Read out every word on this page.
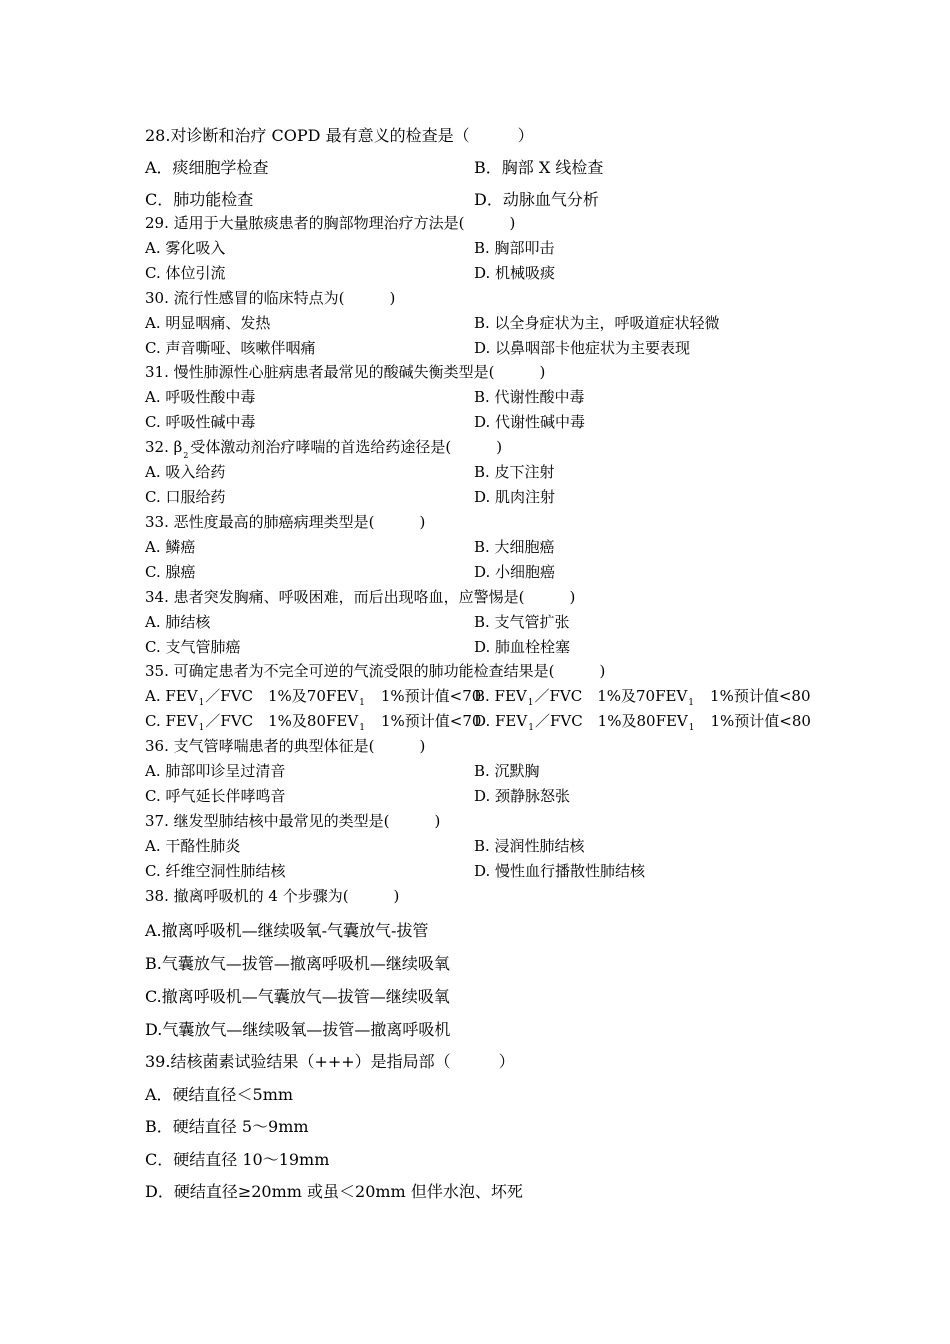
28.对诊断和治疗 COPD 最有意义的检查是（　　　）
A．痰细胞学检查	B．胸部 X 线检查
C．肺功能检查	D．动脉血气分析
29. 适用于大量脓痰患者的胸部物理治疗方法是(　　　)
A. 雾化吸入	B. 胸部叩击
C. 体位引流	D. 机械吸痰
30. 流行性感冒的临床特点为(　　　)
A. 明显咽痛、发热	B. 以全身症状为主，呼吸道症状轻微
C. 声音嘶哑、咳嗽伴咽痛	D. 以鼻咽部卡他症状为主要表现
31. 慢性肺源性心脏病患者最常见的酸碱失衡类型是(　　　)
A. 呼吸性酸中毒	B. 代谢性酸中毒
C. 呼吸性碱中毒	D. 代谢性碱中毒
32. $\beta_2$ 受体激动剂治疗哮喘的首选给药途径是(　　　)
A. 吸入给药	B. 皮下注射
C. 口服给药	D. 肌肉注射
33. 恶性度最高的肺癌病理类型是(　　　)
A. 鳞癌	B. 大细胞癌
C. 腺癌	D. 小细胞癌
34. 患者突发胸痛、呼吸困难，而后出现咯血，应警惕是(　　　)
A. 肺结核	B. 支气管扩张
C. 支气管肺癌	D. 肺血栓栓塞
35. 可确定患者为不完全可逆的气流受限的肺功能检查结果是(　　　)
A. $FEV_1/FVC$　1%及$70FEV_1$　1%预计值<70
B. $FEV_1/FVC$　1%及$70FEV_1$　1%预计值<80
C. $FEV_1/FVC$　1%及$80FEV_1$　1%预计值<70
D. $FEV_1/FVC$　1%及$80FEV_1$　1%预计值<80
36. 支气管哮喘患者的典型体征是(　　　)
A. 肺部叩诊呈过清音	B. 沉默胸
C. 呼气延长伴哮鸣音	D. 颈静脉怒张
37. 继发型肺结核中最常见的类型是(　　　)
A. 干酪性肺炎	B. 浸润性肺结核
C. 纤维空洞性肺结核	D. 慢性血行播散性肺结核
38. 撤离呼吸机的 4 个步骤为(　　　)
A.撤离呼吸机—继续吸氧-气囊放气-拔管
B.气囊放气—拔管—撤离呼吸机—继续吸氧
C.撤离呼吸机—气囊放气—拔管—继续吸氧
D.气囊放气—继续吸氧—拔管—撤离呼吸机
39.结核菌素试验结果（+++）是指局部（　　　）
A．硬结直径＜5mm
B．硬结直径 5～9mm
C．硬结直径 10～19mm
D．硬结直径≥20mm 或虽＜20mm 但伴水泡、坏死
